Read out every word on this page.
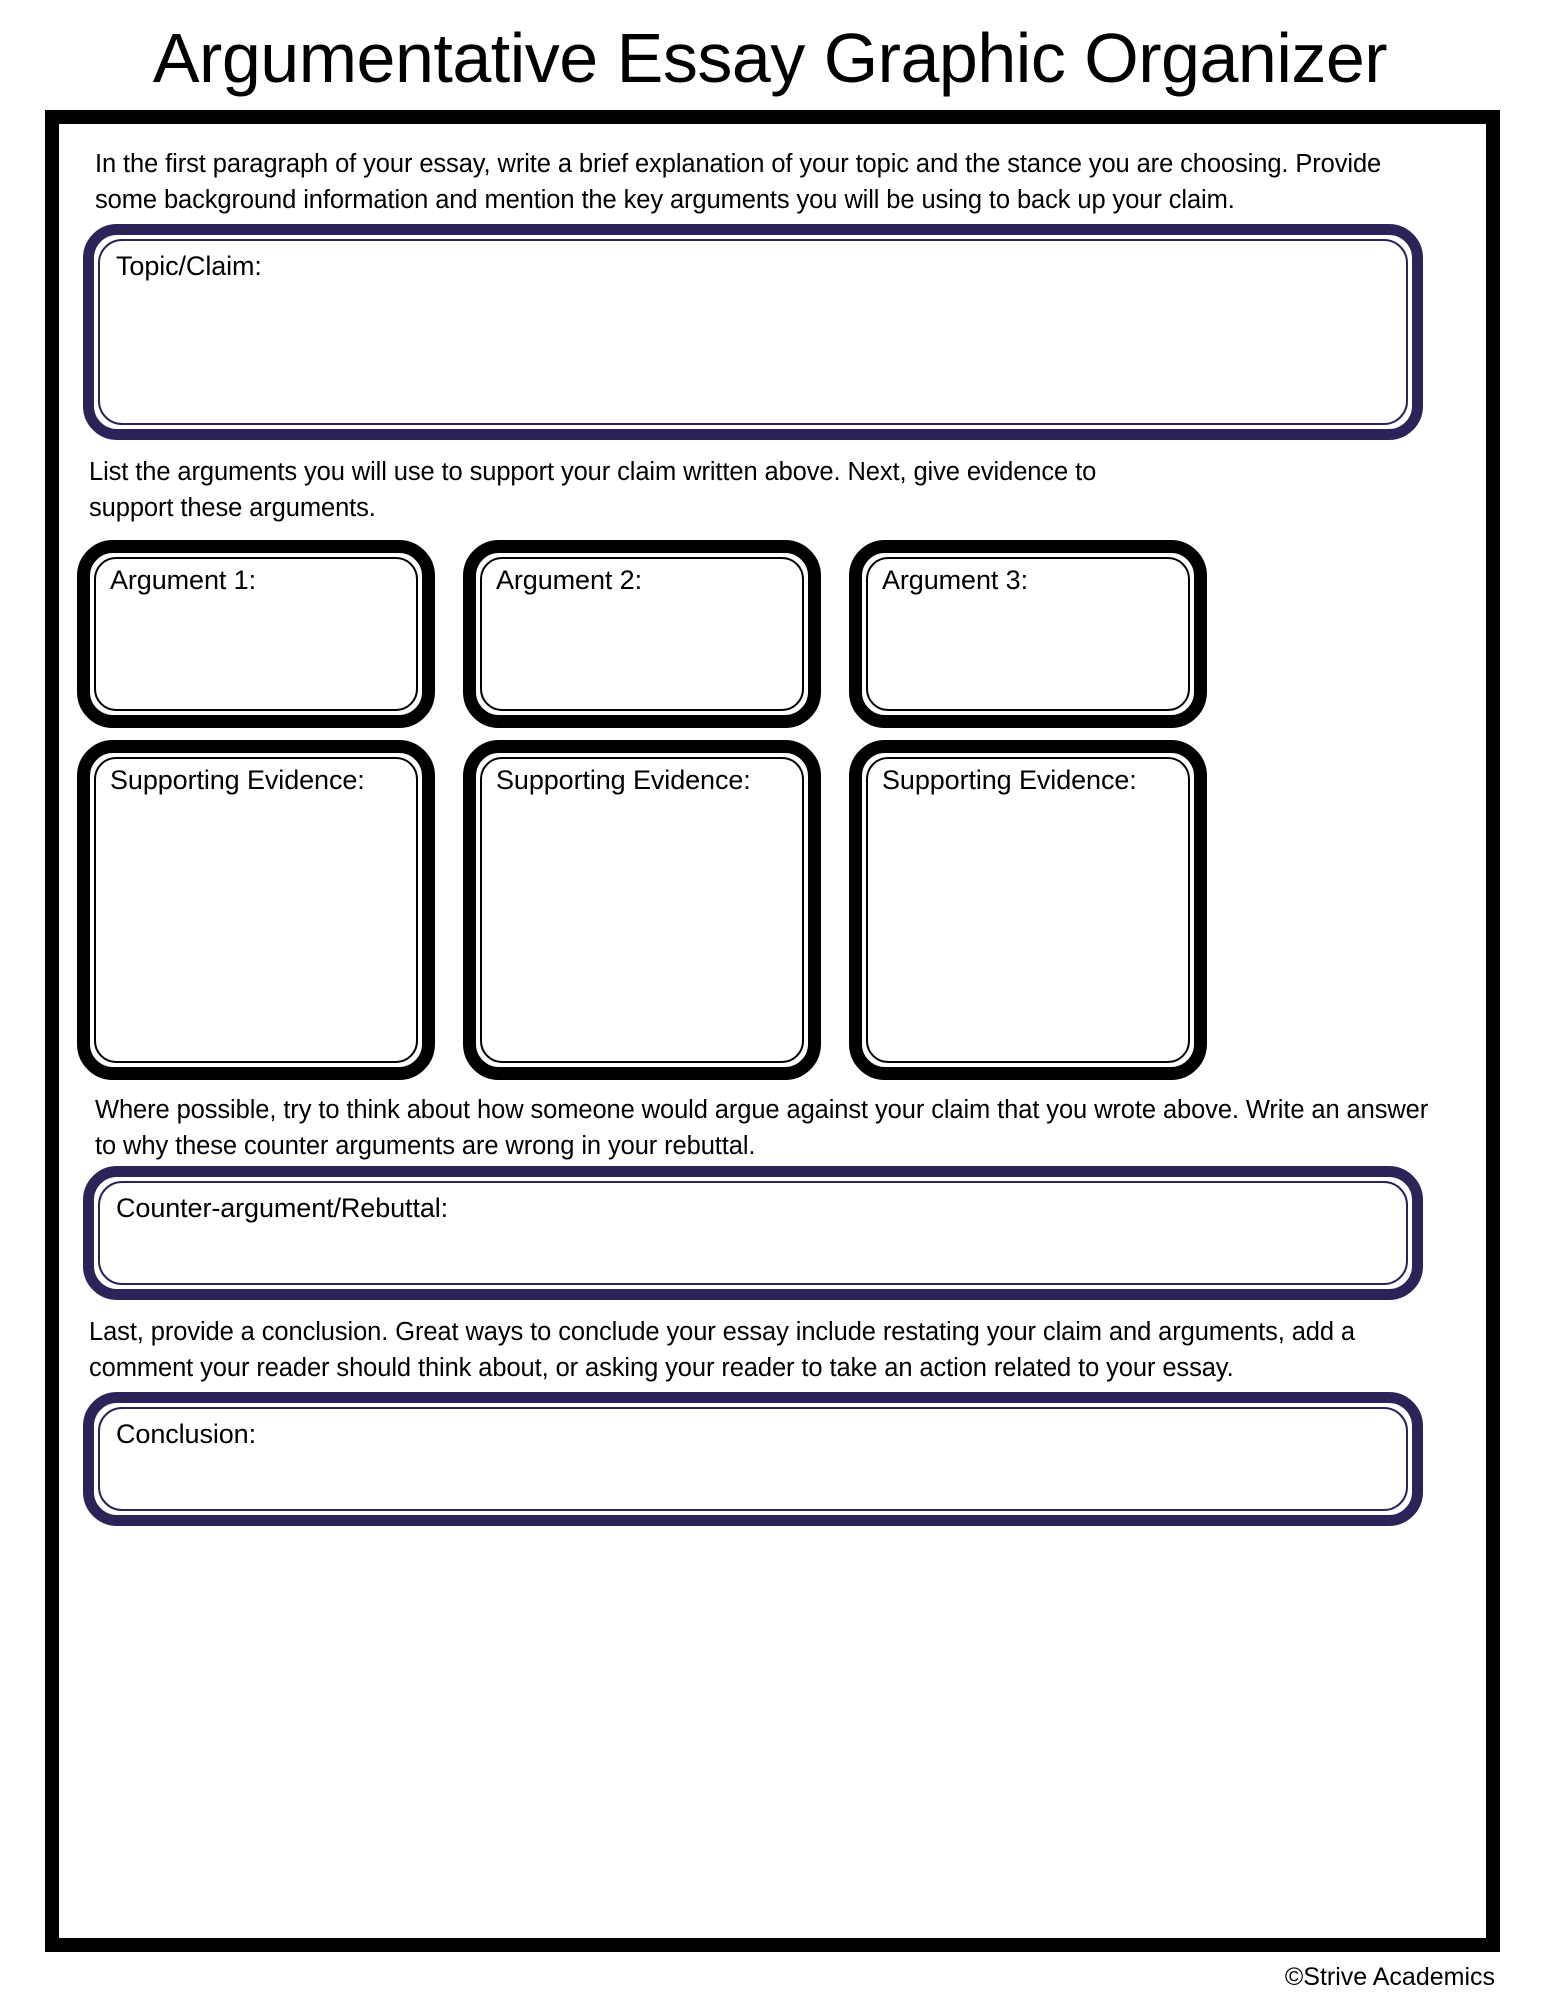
Argumentative Essay Graphic Organizer
In the first paragraph of your essay, write a brief explanation of your topic and the stance you are choosing. Provide some background information and mention the key arguments you will be using to back up your claim.
Topic/Claim:
List the arguments you will use to support your claim written above. Next, give evidence to support these arguments.
Argument 1:	Argument 2:	Argument 3:
Supporting Evidence:	Supporting Evidence:	Supporting Evidence:
Where possible, try to think about how someone would argue against your claim that you wrote above. Write an answer to why these counter arguments are wrong in your rebuttal.
Counter-argument/Rebuttal:
Last, provide a conclusion. Great ways to conclude your essay include restating your claim and arguments, add a comment your reader should think about, or asking your reader to take an action related to your essay.
Conclusion:
©Strive Academics
